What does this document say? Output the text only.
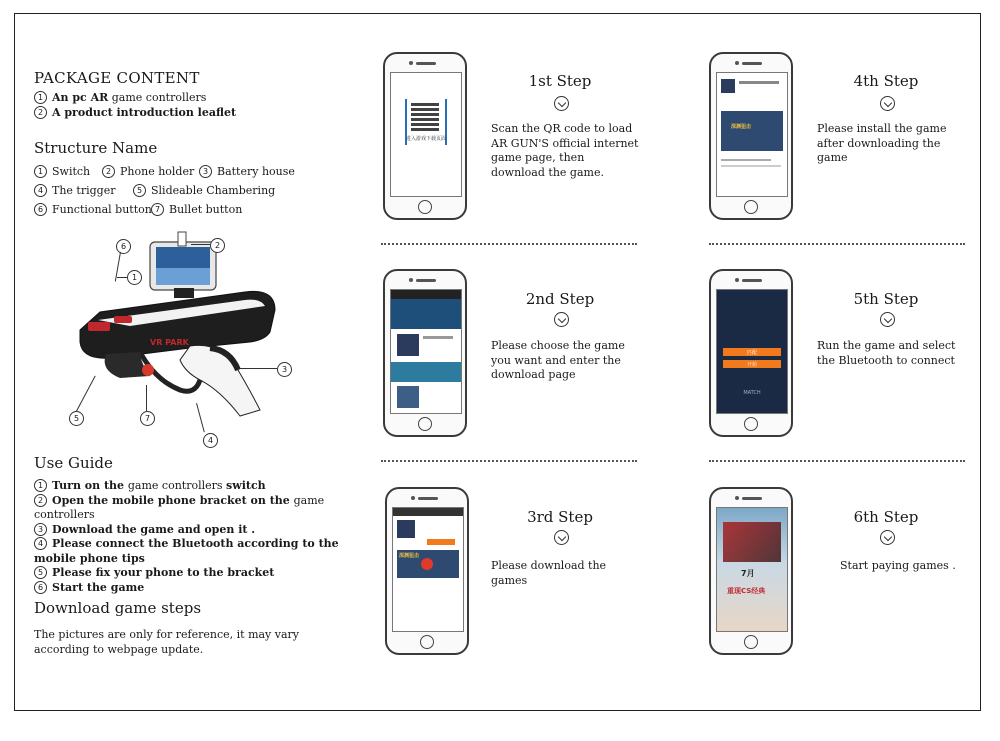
PACKAGE CONTENT
1 An pc AR game controllers
2 A product introduction leaflet
Structure Name
1 Switch	2 Phone holder	3 Battery house
4 The trigger	5 Slideable Chambering
6 Functional button 7 Bullet button
VR PARK
6	2
1
3
5	7
4
Use Guide
1 Turn on the game controllers switch
2 Open the mobile phone bracket on the game controllers
3 Download the game and open it .
4 Please connect the Bluetooth according to the mobile phone tips
5 Please fix your phone to the bracket
6 Start the game
Download game steps
The pictures are only for reference, it may vary according to webpage update.
进入游戏下载页面
1st Step
Scan the QR code to load AR GUN'S official internet game page, then download the game.
2nd Step
Please choose the game you want and enter the download page
深渊狙击
3rd Step
Please download the games
深渊狙击
4th Step
Please install the game after downloading the game
匹配
开始
MATCH
5th Step
Run the game and select the Bluetooth to connect
7月
重现CS经典
6th Step
Start paying games .
